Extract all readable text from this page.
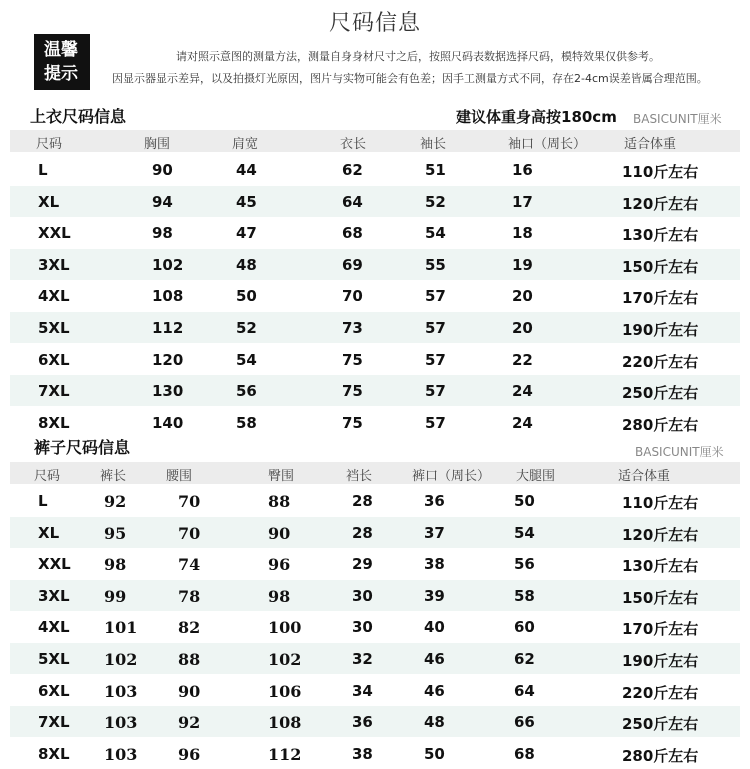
尺码信息
温馨
提示
请对照示意图的测量方法，测量自身身材尺寸之后，按照尺码表数据选择尺码，模特效果仅供参考。
因显示器显示差异，以及拍摄灯光原因，图片与实物可能会有色差；因手工测量方式不同，存在2-4cm误差皆属合理范围。
上衣尺码信息	建议体重身高按180cm BASICUNIT厘米
尺码	胸围	肩宽	衣长	袖长	袖口（周长）	适合体重
L	90	44	62	51	16	110斤左右
XL	94	45	64	52	17	120斤左右
XXL	98	47	68	54	18	130斤左右
3XL	102	48	69	55	19	150斤左右
4XL	108	50	70	57	20	170斤左右
5XL	112	52	73	57	20	190斤左右
6XL	120	54	75	57	22	220斤左右
7XL	130	56	75	57	24	250斤左右
8XL	140	58	75	57	24	280斤左右
裤子尺码信息	BASICUNIT厘米
尺码	裤长	腰围	臀围	裆长	裤口（周长） 大腿围	适合体重
L	92	70	88	28	36	50	110斤左右
XL	95	70	90	28	37	54	120斤左右
XXL 98	74	96	29	38	56	130斤左右
3XL 99	78	98	30	39	58	150斤左右
4XL 101	82	100	30	40	60	170斤左右
5XL 102	88	102	32	46	62	190斤左右
6XL 103	90	106	34	46	64	220斤左右
7XL 103	92	108	36	48	66	250斤左右
8XL 103	96	112	38	50	68	280斤左右
